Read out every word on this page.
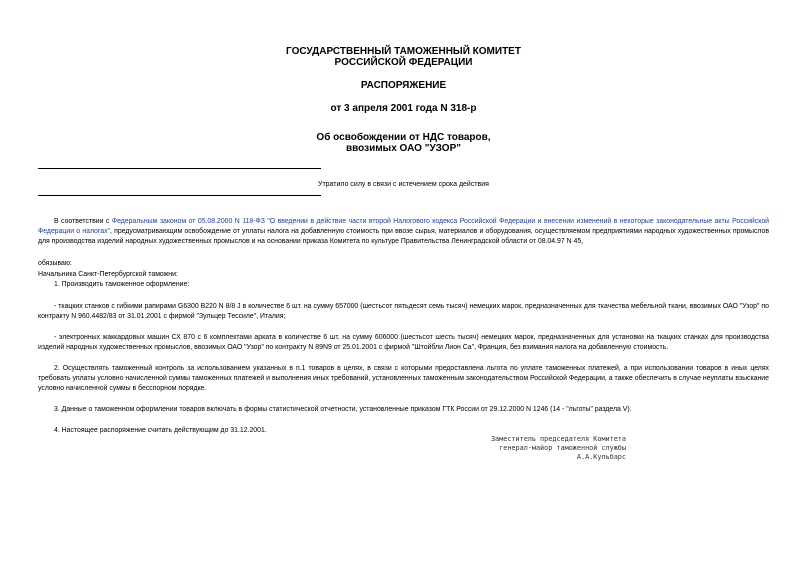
ГОСУДАРСТВЕННЫЙ ТАМОЖЕННЫЙ КОМИТЕТ
РОССИЙСКОЙ ФЕДЕРАЦИИ
РАСПОРЯЖЕНИЕ
от 3 апреля 2001 года N 318-р
Об освобождении от НДС товаров,
ввозимых ОАО "УЗОР"
Утратило силу в связи с истечением срока действия
В соответствии с Федеральным законом от 05.08.2000 N 118-ФЗ "О введении в действие части второй Налогового кодекса Российской Федерации и внесении изменений в некоторые законодательные акты Российской Федерации о налогах", предусматривающим освобождение от уплаты налога на добавленную стоимость при ввозе сырья, материалов и оборудования, осуществляемом предприятиями народных художественных промыслов для производства изделий народных художественных промыслов и на основании приказа Комитета по культуре Правительства Ленинградской области от 08.04.97 N 45,
обязываю:
Начальника Санкт-Петербургской таможни:
1. Производить таможенное оформление:
- ткацких станков с гибкими рапирами G6300 В220 N 8/8 J в количестве 6 шт. на сумму 657000 (шестьсот пятьдесят семь тысяч) немецких марок, предназначенных для ткачества мебельной ткани, ввозимых ОАО "Узор" по контракту N 960.4482/83 от 31.01.2001 с фирмой "Зульцер Тессиле", Италия;
- электронных жаккардовых машин СХ 870 с 6 комплектами арката в количестве 6 шт. на сумму 606000 (шестьсот шесть тысяч) немецких марок, предназначенных для установки на ткацких станках для производства изделий народных художественных промыслов, ввозимых ОАО "Узор" по контракту N 89N9 от 25.01.2001 с фирмой "Штойбли Лион Са", Франция, без взимания налога на добавленную стоимость.
2. Осуществлять таможенный контроль за использованием указанных в п.1 товаров в целях, в связи с которыми предоставлена льгота по уплате таможенных платежей, а при использовании товаров в иных целях требовать уплаты условно начисленной суммы таможенных платежей и выполнения иных требований, установленных таможенным законодательством Российской Федерации, а также обеспечить в случае неуплаты взыскание условно начисленной суммы в бесспорном порядке.
3. Данные о таможенном оформлении товаров включать в формы статистической отчетности, установленные приказом ГТК России от 29.12.2000 N 1246 (14 - "льготы" раздела V).
4. Настоящее распоряжение считать действующим до 31.12.2001.
Заместитель председателя Комитета
генерал-майор таможенной службы
А.А.Кульбарс
